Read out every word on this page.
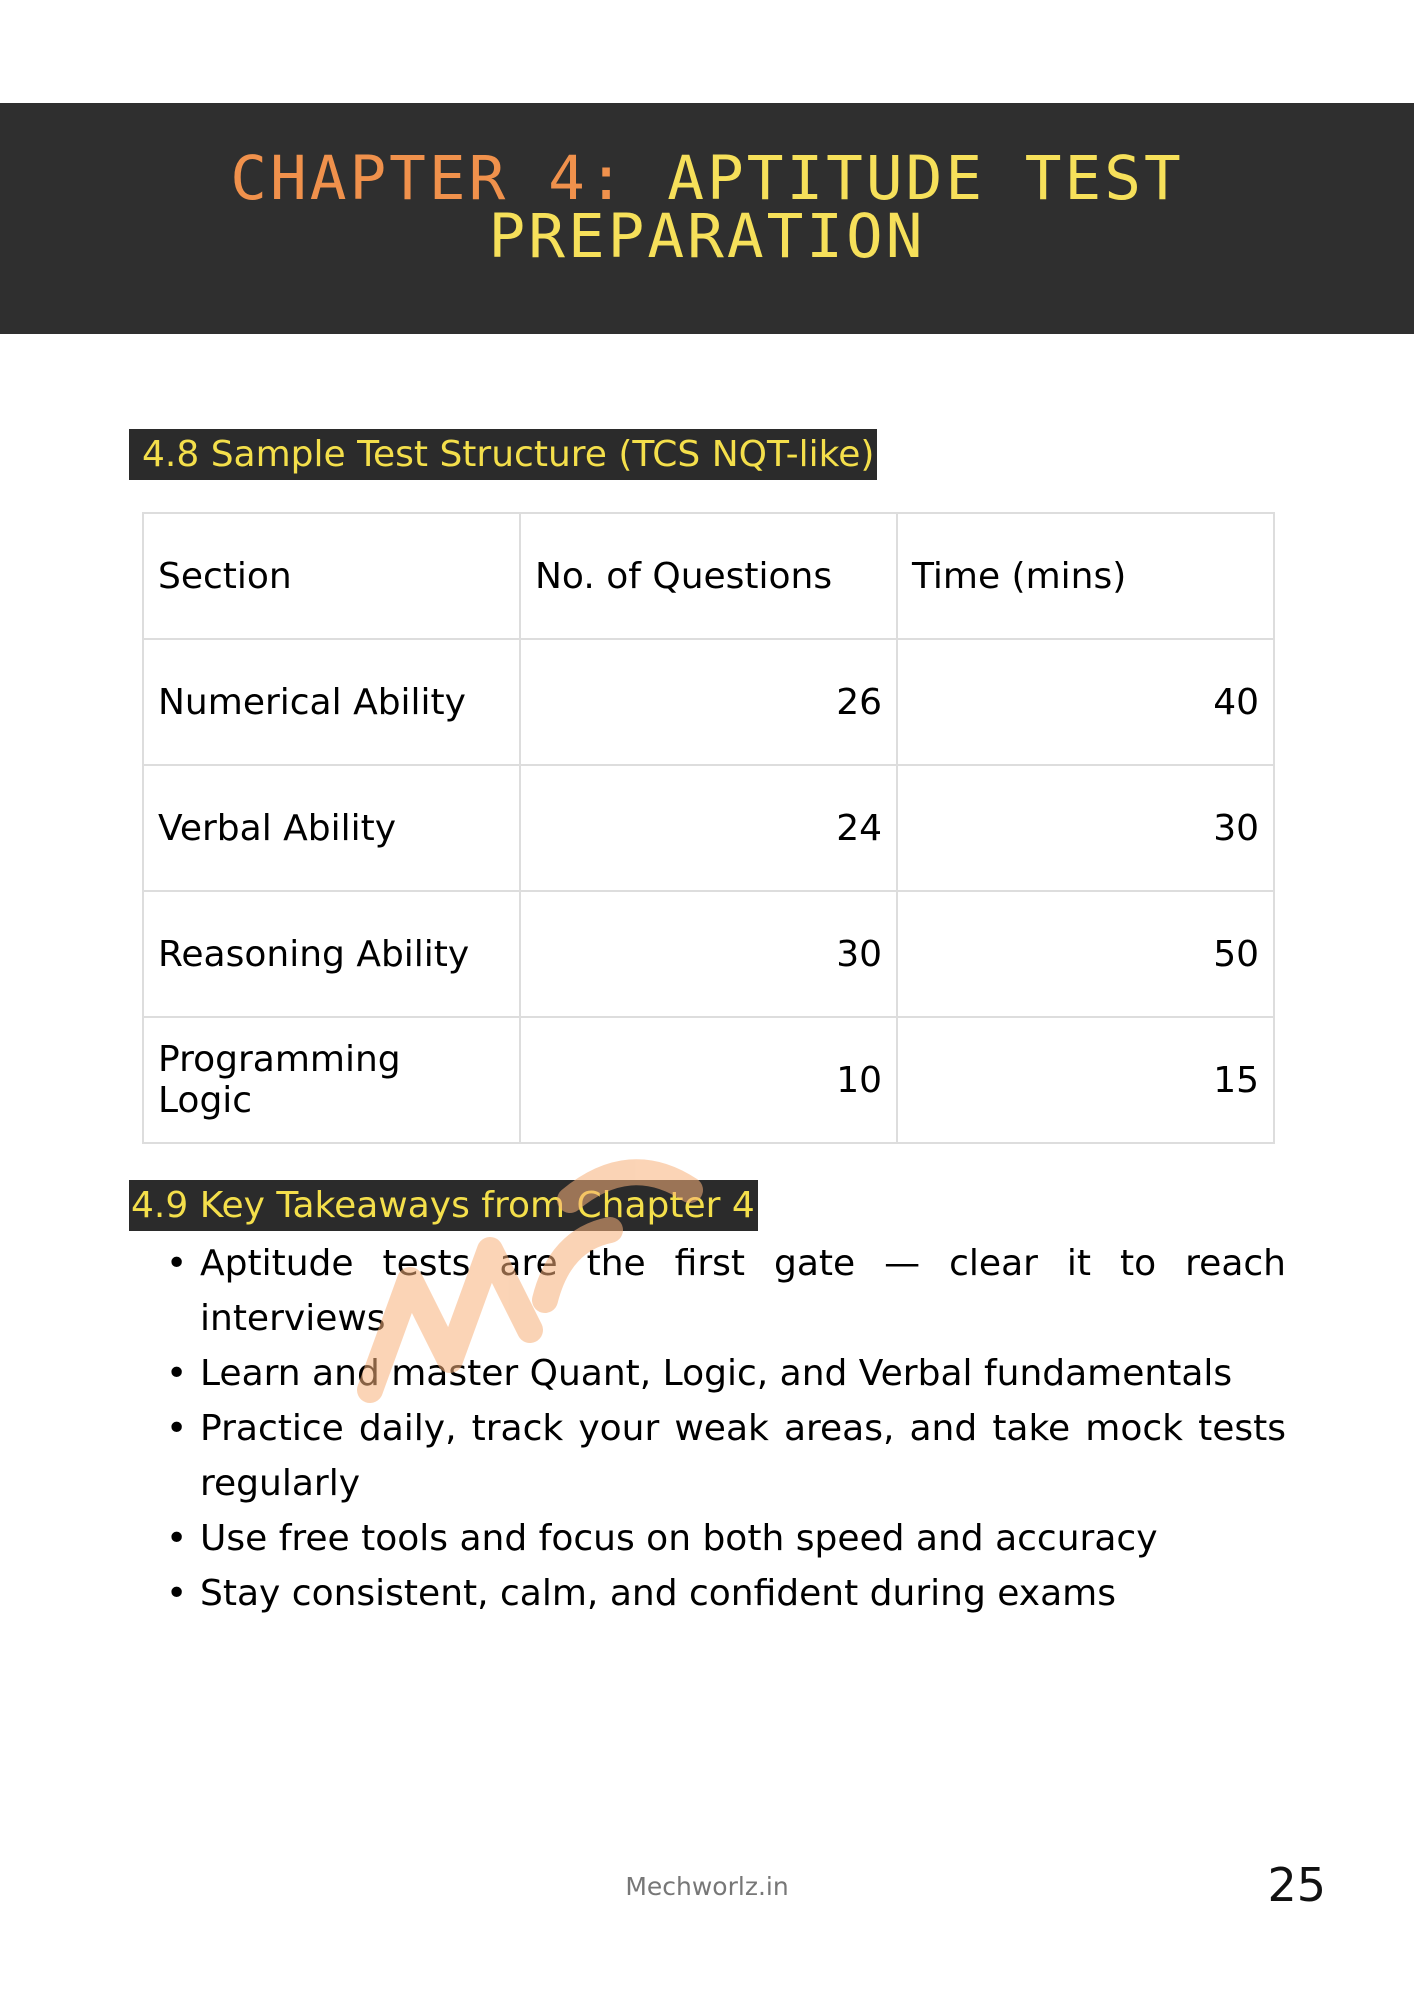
CHAPTER 4: APTITUDE TEST
PREPARATION
4.8 Sample Test Structure (TCS NQT-like)
Section	No. of Questions	Time (mins)
Numerical Ability	26	40
Verbal Ability	24	30
Reasoning Ability	30	50
Programming Logic	10	15
4.9 Key Takeaways from Chapter 4
• Aptitude tests are the first gate — clear it to reach interviews
• Learn and master Quant, Logic, and Verbal fundamentals
• Practice daily, track your weak areas, and take mock tests regularly
• Use free tools and focus on both speed and accuracy
• Stay consistent, calm, and confident during exams
Mechworlz.in	25
